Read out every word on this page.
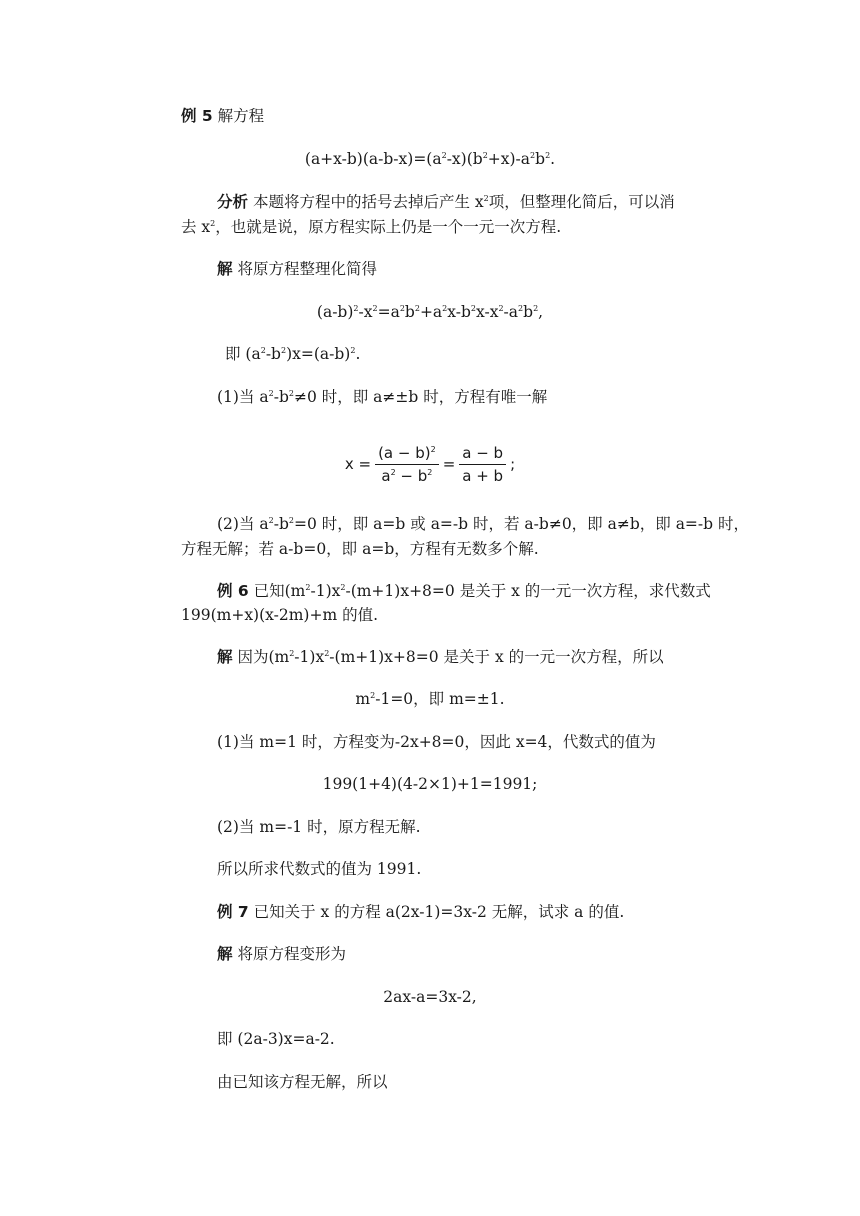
例 5 解方程
$(a+x-b)(a-b-x)=(a^2-x)(b^2+x)-a^2b^2$.
分析 本题将方程中的括号去掉后产生 $x^2$项，但整理化简后，可以消
去 $x^2$，也就是说，原方程实际上仍是一个一元一次方程.
解 将原方程整理化简得
$(a-b)^2-x^2=a^2b^2+a^2x-b^2x-x^2-a^2b^2$,
即 $(a^2-b^2)x=(a-b)^2$.
(1)当 $a^2-b^2\ne 0$ 时，即 a≠±b 时，方程有唯一解
$x = \frac{(a - b)^2}{a^2 - b^2} = \frac{a - b}{a + b}$ ;
(2)当 $a^2-b^2=0$ 时，即 a=b 或 a=-b 时，若 a-b≠0，即 a≠b，即 a=-b 时，
方程无解；若 a-b=0，即 a=b，方程有无数多个解.
例 6 已知$(m^2-1)x^2-(m+1)x+8=0$ 是关于 x 的一元一次方程，求代数式
199(m+x)(x-2m)+m 的值.
解 因为$(m^2-1)x^2-(m+1)x+8=0$ 是关于 x 的一元一次方程，所以
$m^2-1=0$，即 m=±1.
(1)当 m=1 时，方程变为-2x+8=0，因此 x=4，代数式的值为
199(1+4)(4-2×1)+1=1991;
(2)当 m=-1 时，原方程无解.
所以所求代数式的值为 1991.
例 7 已知关于 x 的方程 a(2x-1)=3x-2 无解，试求 a 的值.
解 将原方程变形为
2ax-a=3x-2,
即 (2a-3)x=a-2.
由已知该方程无解，所以
